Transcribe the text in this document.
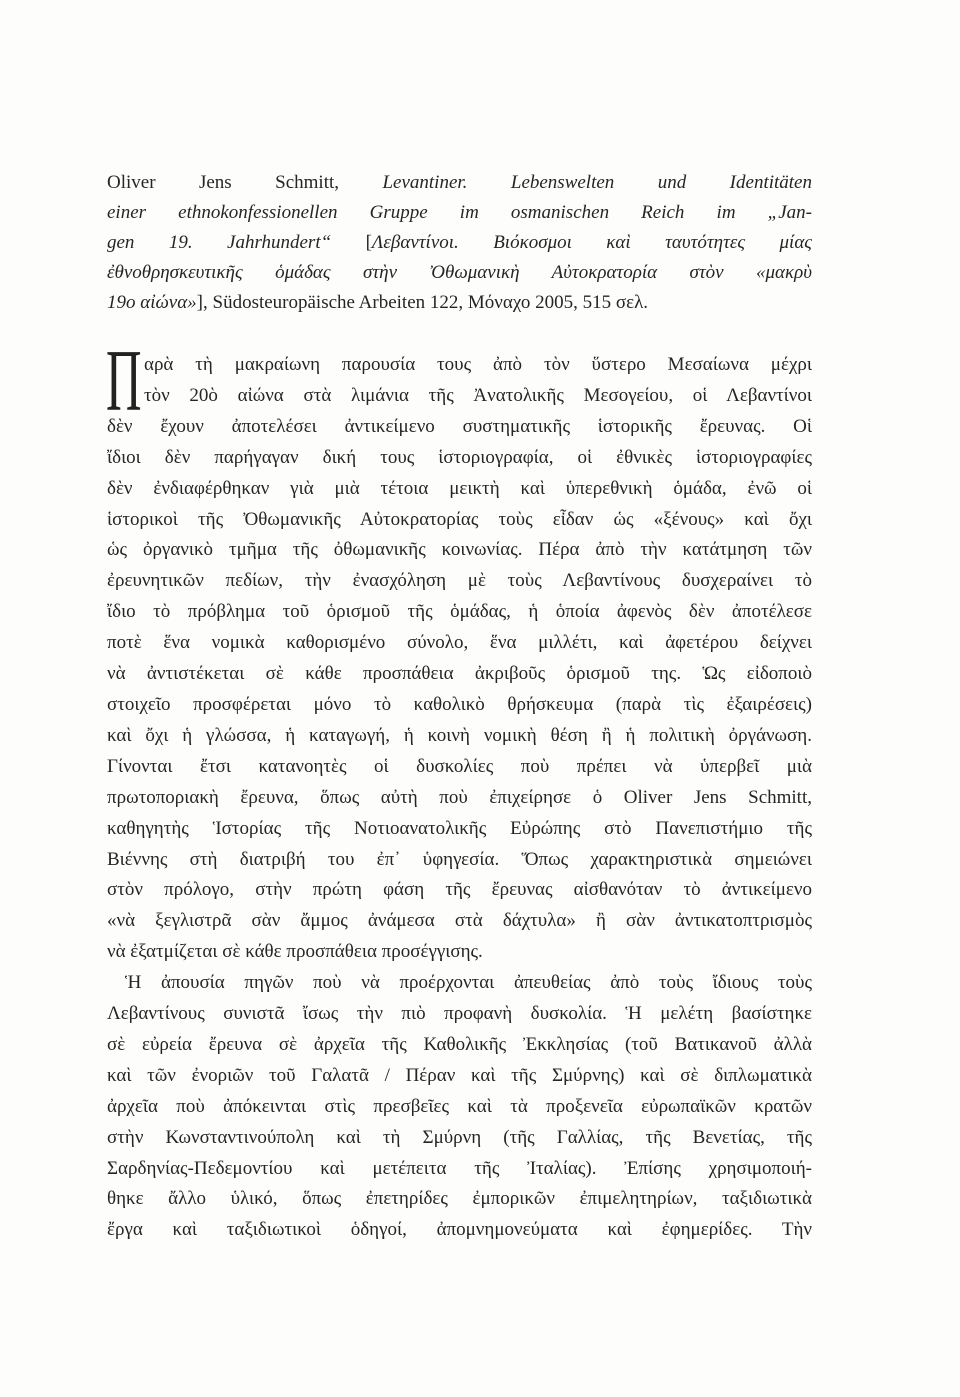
Oliver Jens Schmitt, Levantiner. Lebenswelten und Identitäten
einer ethnokonfessionellen Gruppe im osmanischen Reich im „Jan-
gen 19. Jahrhundert“ [Λεβαντίνοι. Βιόκοσμοι καὶ ταυτότητες μίας
ἐθνοθρησκευτικῆς ὁμάδας στὴν Ὀθωμανικὴ Αὐτοκρατορία στὸν «μακρὺ
19ο αἰώνα»], Südosteuropäische Arbeiten 122, Μόναχο 2005, 515 σελ.
Π αρὰ τὴ μακραίωνη παρουσία τους ἀπὸ τὸν ὕστερο Μεσαίωνα μέχρι
τὸν 20ὸ αἰώνα στὰ λιμάνια τῆς Ἀνατολικῆς Μεσογείου, οἱ Λεβαντίνοι
δὲν ἔχουν ἀποτελέσει ἀντικείμενο συστηματικῆς ἱστορικῆς ἔρευνας. Οἱ
ἴδιοι δὲν παρήγαγαν δική τους ἱστοριογραφία, οἱ ἐθνικὲς ἱστοριογραφίες
δὲν ἐνδιαφέρθηκαν γιὰ μιὰ τέτοια μεικτὴ καὶ ὑπερεθνικὴ ὁμάδα, ἐνῶ οἱ
ἱστορικοὶ τῆς Ὀθωμανικῆς Αὐτοκρατορίας τοὺς εἶδαν ὡς «ξένους» καὶ ὄχι
ὡς ὀργανικὸ τμῆμα τῆς ὀθωμανικῆς κοινωνίας. Πέρα ἀπὸ τὴν κατάτμηση τῶν
ἐρευνητικῶν πεδίων, τὴν ἐνασχόληση μὲ τοὺς Λεβαντίνους δυσχεραίνει τὸ
ἴδιο τὸ πρόβλημα τοῦ ὁρισμοῦ τῆς ὁμάδας, ἡ ὁποία ἀφενὸς δὲν ἀποτέλεσε
ποτὲ ἕνα νομικὰ καθορισμένο σύνολο, ἕνα μιλλέτι, καὶ ἀφετέρου δείχνει
νὰ ἀντιστέκεται σὲ κάθε προσπάθεια ἀκριβοῦς ὁρισμοῦ της. Ὡς εἰδοποιὸ
στοιχεῖο προσφέρεται μόνο τὸ καθολικὸ θρήσκευμα (παρὰ τὶς ἐξαιρέσεις)
καὶ ὄχι ἡ γλώσσα, ἡ καταγωγή, ἡ κοινὴ νομικὴ θέση ἢ ἡ πολιτικὴ ὀργάνωση.
Γίνονται ἔτσι κατανοητὲς οἱ δυσκολίες ποὺ πρέπει νὰ ὑπερβεῖ μιὰ
πρωτοποριακὴ ἔρευνα, ὅπως αὐτὴ ποὺ ἐπιχείρησε ὁ Oliver Jens Schmitt,
καθηγητὴς Ἱστορίας τῆς Νοτιοανατολικῆς Εὐρώπης στὸ Πανεπιστήμιο τῆς
Βιέννης στὴ διατριβή του ἐπ᾽ ὑφηγεσία. Ὅπως χαρακτηριστικὰ σημειώνει
στὸν πρόλογο, στὴν πρώτη φάση τῆς ἔρευνας αἰσθανόταν τὸ ἀντικείμενο
«νὰ ξεγλιστρᾶ σὰν ἄμμος ἀνάμεσα στὰ δάχτυλα» ἢ σὰν ἀντικατοπτρισμὸς
νὰ ἐξατμίζεται σὲ κάθε προσπάθεια προσέγγισης.
Ἡ ἀπουσία πηγῶν ποὺ νὰ προέρχονται ἀπευθείας ἀπὸ τοὺς ἴδιους τοὺς
Λεβαντίνους συνιστᾶ ἴσως τὴν πιὸ προφανὴ δυσκολία. Ἡ μελέτη βασίστηκε
σὲ εὐρεία ἔρευνα σὲ ἀρχεῖα τῆς Καθολικῆς Ἐκκλησίας (τοῦ Βατικανοῦ ἀλλὰ
καὶ τῶν ἐνοριῶν τοῦ Γαλατᾶ / Πέραν καὶ τῆς Σμύρνης) καὶ σὲ διπλωματικὰ
ἀρχεῖα ποὺ ἀπόκεινται στὶς πρεσβεῖες καὶ τὰ προξενεῖα εὐρωπαϊκῶν κρατῶν
στὴν Κωνσταντινούπολη καὶ τὴ Σμύρνη (τῆς Γαλλίας, τῆς Βενετίας, τῆς
Σαρδηνίας-Πεδεμοντίου καὶ μετέπειτα τῆς Ἰταλίας). Ἐπίσης χρησιμοποιή-
θηκε ἄλλο ὑλικό, ὅπως ἐπετηρίδες ἐμπορικῶν ἐπιμελητηρίων, ταξιδιωτικὰ
ἔργα καὶ ταξιδιωτικοὶ ὁδηγοί, ἀπομνημονεύματα καὶ ἐφημερίδες. Τὴν
